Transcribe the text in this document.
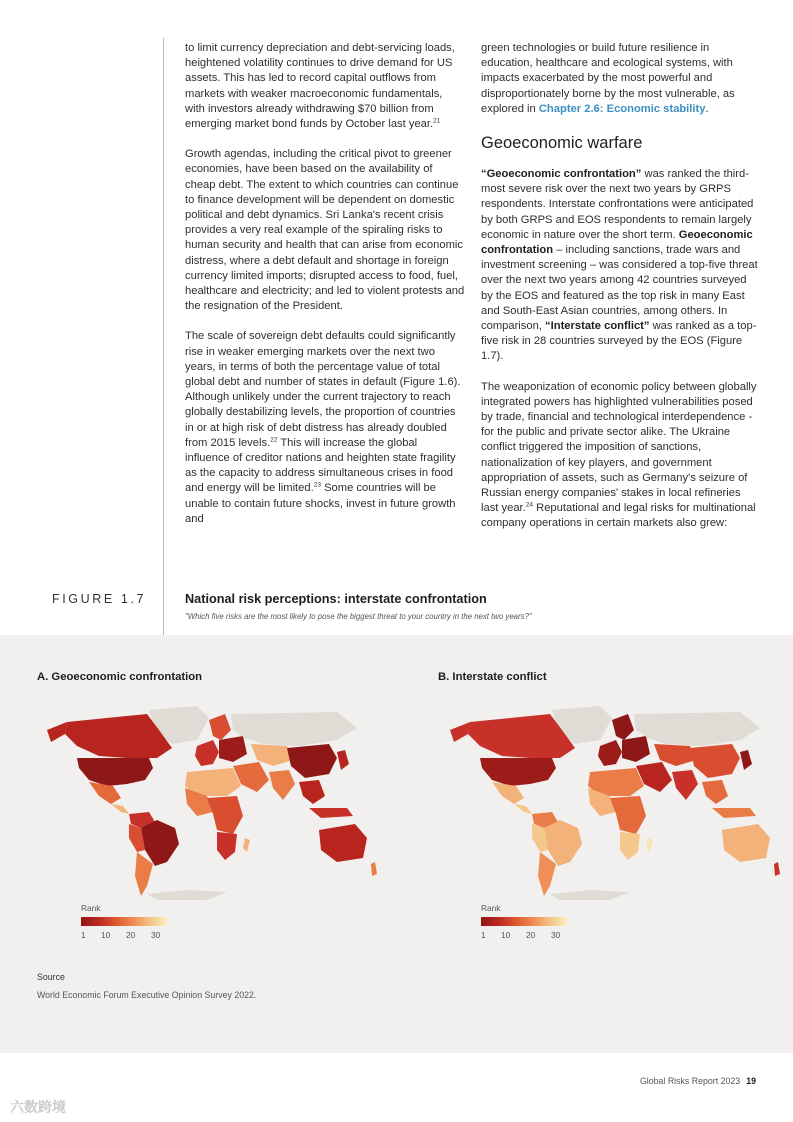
to limit currency depreciation and debt-servicing loads, heightened volatility continues to drive demand for US assets. This has led to record capital outflows from markets with weaker macroeconomic fundamentals, with investors already withdrawing $70 billion from emerging market bond funds by October last year.$^{21}$

Growth agendas, including the critical pivot to greener economies, have been based on the availability of cheap debt. The extent to which countries can continue to finance development will be dependent on domestic political and debt dynamics. Sri Lanka's recent crisis provides a very real example of the spiraling risks to human security and health that can arise from economic distress, where a debt default and shortage in foreign currency limited imports; disrupted access to food, fuel, healthcare and electricity; and led to violent protests and the resignation of the President.

The scale of sovereign debt defaults could significantly rise in weaker emerging markets over the next two years, in terms of both the percentage value of total global debt and number of states in default (Figure 1.6). Although unlikely under the current trajectory to reach globally destabilizing levels, the proportion of countries in or at high risk of debt distress has already doubled from 2015 levels.$^{22}$ This will increase the global influence of creditor nations and heighten state fragility as the capacity to address simultaneous crises in food and energy will be limited.$^{23}$ Some countries will be unable to contain future shocks, invest in future growth and

green technologies or build future resilience in education, healthcare and ecological systems, with impacts exacerbated by the most powerful and disproportionately borne by the most vulnerable, as explored in Chapter 2.6: Economic stability.

Geoeconomic warfare

“Geoeconomic confrontation” was ranked the third-most severe risk over the next two years by GRPS respondents. Interstate confrontations were anticipated by both GRPS and EOS respondents to remain largely economic in nature over the short term. Geoeconomic confrontation – including sanctions, trade wars and investment screening – was considered a top-five threat over the next two years among 42 countries surveyed by the EOS and featured as the top risk in many East and South-East Asian countries, among others. In comparison, “Interstate conflict” was ranked as a top-five risk in 28 countries surveyed by the EOS (Figure 1.7).

The weaponization of economic policy between globally integrated powers has highlighted vulnerabilities posed by trade, financial and technological interdependence - for the public and private sector alike. The Ukraine conflict triggered the imposition of sanctions, nationalization of key players, and government appropriation of assets, such as Germany's seizure of Russian energy companies' stakes in local refineries last year.$^{24}$ Reputational and legal risks for multinational company operations in certain markets also grew:

FIGURE 1.7	National risk perceptions: interstate confrontation
"Which five risks are the most likely to pose the biggest threat to your country in the next two years?"
A. Geoeconomic confrontation	B. Interstate conflict
Rank
1 10 20 30
Rank
1 10 20 30
Source
World Economic Forum Executive Opinion Survey 2022.
Global Risks Report 2023 19
六数跨境
